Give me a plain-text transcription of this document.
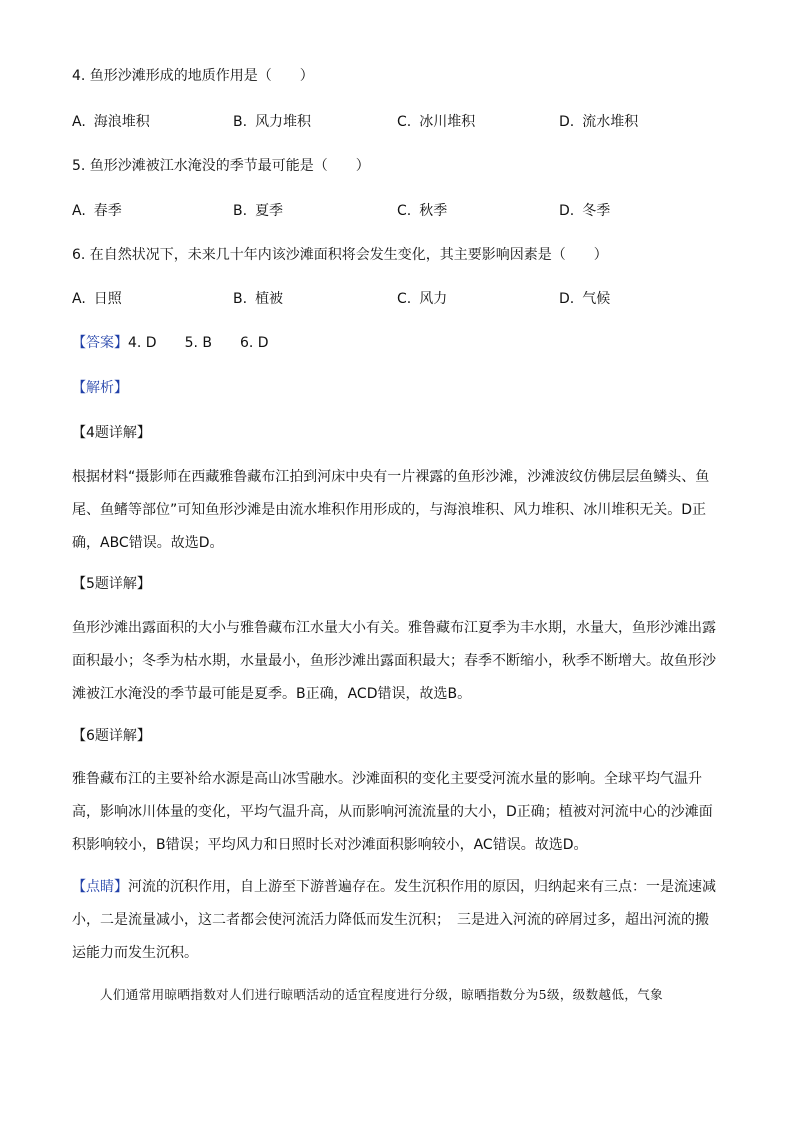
4. 鱼形沙滩形成的地质作用是（　　）
A. 海浪堆积	B. 风力堆积	C. 冰川堆积	D. 流水堆积
5. 鱼形沙滩被江水淹没的季节最可能是（　　）
A. 春季	B. 夏季	C. 秋季	D. 冬季
6. 在自然状况下，未来几十年内该沙滩面积将会发生变化，其主要影响因素是（　　）
A. 日照	B. 植被	C. 风力	D. 气候
【答案】4. D　　5. B　　6. D
【解析】
【4题详解】

根据材料“摄影师在西藏雅鲁藏布江拍到河床中央有一片裸露的鱼形沙滩，沙滩波纹仿佛层层鱼鳞头、鱼

尾、鱼鳍等部位”可知鱼形沙滩是由流水堆积作用形成的，与海浪堆积、风力堆积、冰川堆积无关。D正

确，ABC错误。故选D。

【5题详解】

鱼形沙滩出露面积的大小与雅鲁藏布江水量大小有关。雅鲁藏布江夏季为丰水期，水量大，鱼形沙滩出露

面积最小；冬季为枯水期，水量最小，鱼形沙滩出露面积最大；春季不断缩小，秋季不断增大。故鱼形沙

滩被江水淹没的季节最可能是夏季。B正确，ACD错误，故选B。

【6题详解】

雅鲁藏布江的主要补给水源是高山冰雪融水。沙滩面积的变化主要受河流水量的影响。全球平均气温升

高，影响冰川体量的变化，平均气温升高，从而影响河流流量的大小，D正确；植被对河流中心的沙滩面

积影响较小，B错误；平均风力和日照时长对沙滩面积影响较小，AC错误。故选D。

【点睛】河流的沉积作用，自上游至下游普遍存在。发生沉积作用的原因，归纳起来有三点：一是流速减

小，二是流量减小，这二者都会使河流活力降低而发生沉积；　三是进入河流的碎屑过多，超出河流的搬

运能力而发生沉积。

人们通常用晾晒指数对人们进行晾晒活动的适宜程度进行分级，晾晒指数分为5级，级数越低，气象
